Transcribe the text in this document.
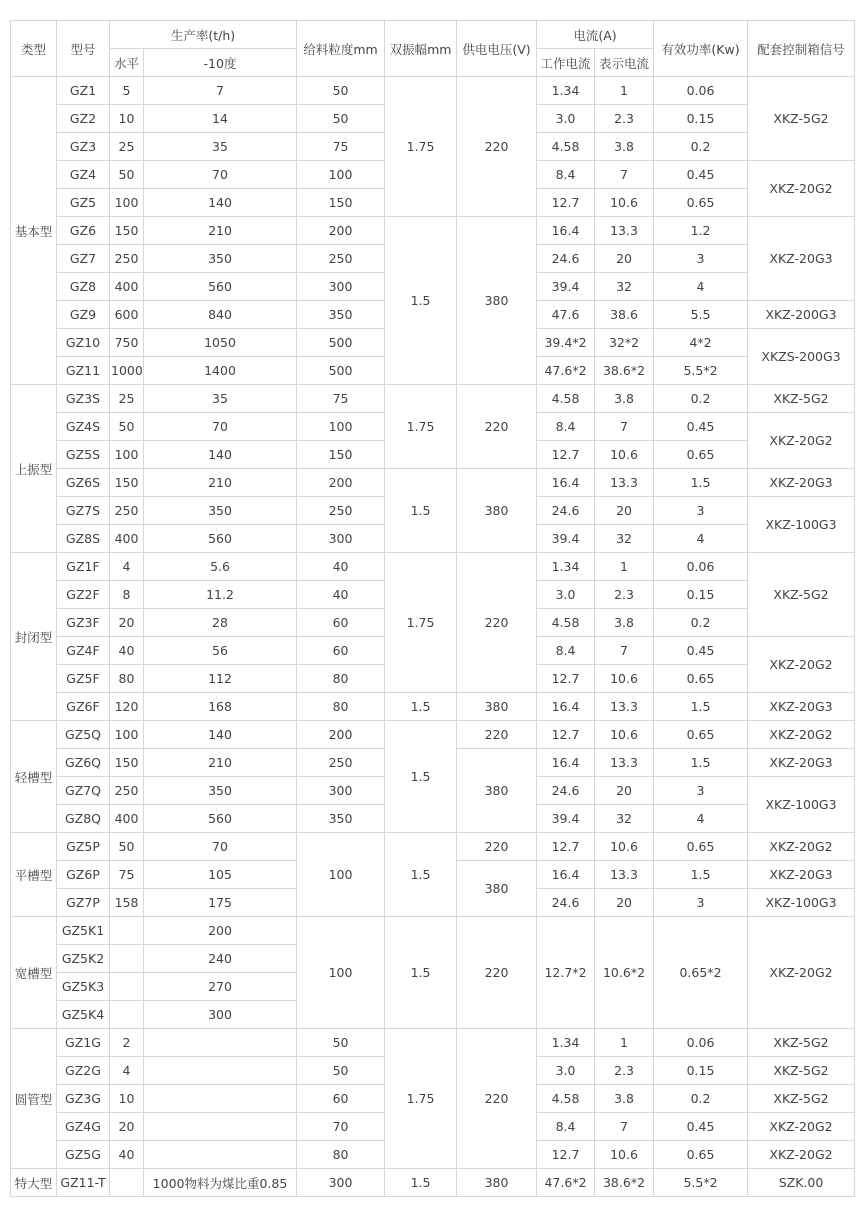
类型	型号	生产率(t/h)		给料粒度mm	双振幅mm	供电电压(V)	电流(A)		有效功率(Kw)	配套控制箱信号
		水平	-10度				工作电流	表示电流		
基本型	GZ1	5	7	50	1.75	220	1.34	1	0.06	XKZ-5G2
	GZ2	10	14	50			3.0	2.3	0.15	
	GZ3	25	35	75			4.58	3.8	0.2	
	GZ4	50	70	100			8.4	7	0.45	XKZ-20G2
	GZ5	100	140	150			12.7	10.6	0.65	
	GZ6	150	210	200	1.5	380	16.4	13.3	1.2	XKZ-20G3
	GZ7	250	350	250			24.6	20	3	
	GZ8	400	560	300			39.4	32	4	
	GZ9	600	840	350			47.6	38.6	5.5	XKZ-200G3
	GZ10	750	1050	500			39.4*2	32*2	4*2	XKZS-200G3
	GZ11	1000	1400	500			47.6*2	38.6*2	5.5*2	
上振型	GZ3S	25	35	75	1.75	220	4.58	3.8	0.2	XKZ-5G2
	GZ4S	50	70	100			8.4	7	0.45	XKZ-20G2
	GZ5S	100	140	150			12.7	10.6	0.65	
	GZ6S	150	210	200	1.5	380	16.4	13.3	1.5	XKZ-20G3
	GZ7S	250	350	250			24.6	20	3	XKZ-100G3
	GZ8S	400	560	300			39.4	32	4	
封闭型	GZ1F	4	5.6	40	1.75	220	1.34	1	0.06	XKZ-5G2
	GZ2F	8	11.2	40			3.0	2.3	0.15	
	GZ3F	20	28	60			4.58	3.8	0.2	
	GZ4F	40	56	60			8.4	7	0.45	XKZ-20G2
	GZ5F	80	112	80			12.7	10.6	0.65	
	GZ6F	120	168	80	1.5	380	16.4	13.3	1.5	XKZ-20G3
轻槽型	GZ5Q	100	140	200	1.5	220	12.7	10.6	0.65	XKZ-20G2
	GZ6Q	150	210	250		380	16.4	13.3	1.5	XKZ-20G3
	GZ7Q	250	350	300			24.6	20	3	XKZ-100G3
	GZ8Q	400	560	350			39.4	32	4	
平槽型	GZ5P	50	70	100	1.5	220	12.7	10.6	0.65	XKZ-20G2
	GZ6P	75	105			380	16.4	13.3	1.5	XKZ-20G3
	GZ7P	158	175				24.6	20	3	XKZ-100G3
宽槽型	GZ5K1		200	100	1.5	220	12.7*2	10.6*2	0.65*2	XKZ-20G2
	GZ5K2		240							
	GZ5K3		270							
	GZ5K4		300							
圆管型	GZ1G	2		50	1.75	220	1.34	1	0.06	XKZ-5G2
	GZ2G	4		50			3.0	2.3	0.15	XKZ-5G2
	GZ3G	10		60			4.58	3.8	0.2	XKZ-5G2
	GZ4G	20		70			8.4	7	0.45	XKZ-20G2
	GZ5G	40		80			12.7	10.6	0.65	XKZ-20G2
特大型	GZ11-T		1000物料为煤比重0.85	300	1.5	380	47.6*2	38.6*2	5.5*2	SZK.00
